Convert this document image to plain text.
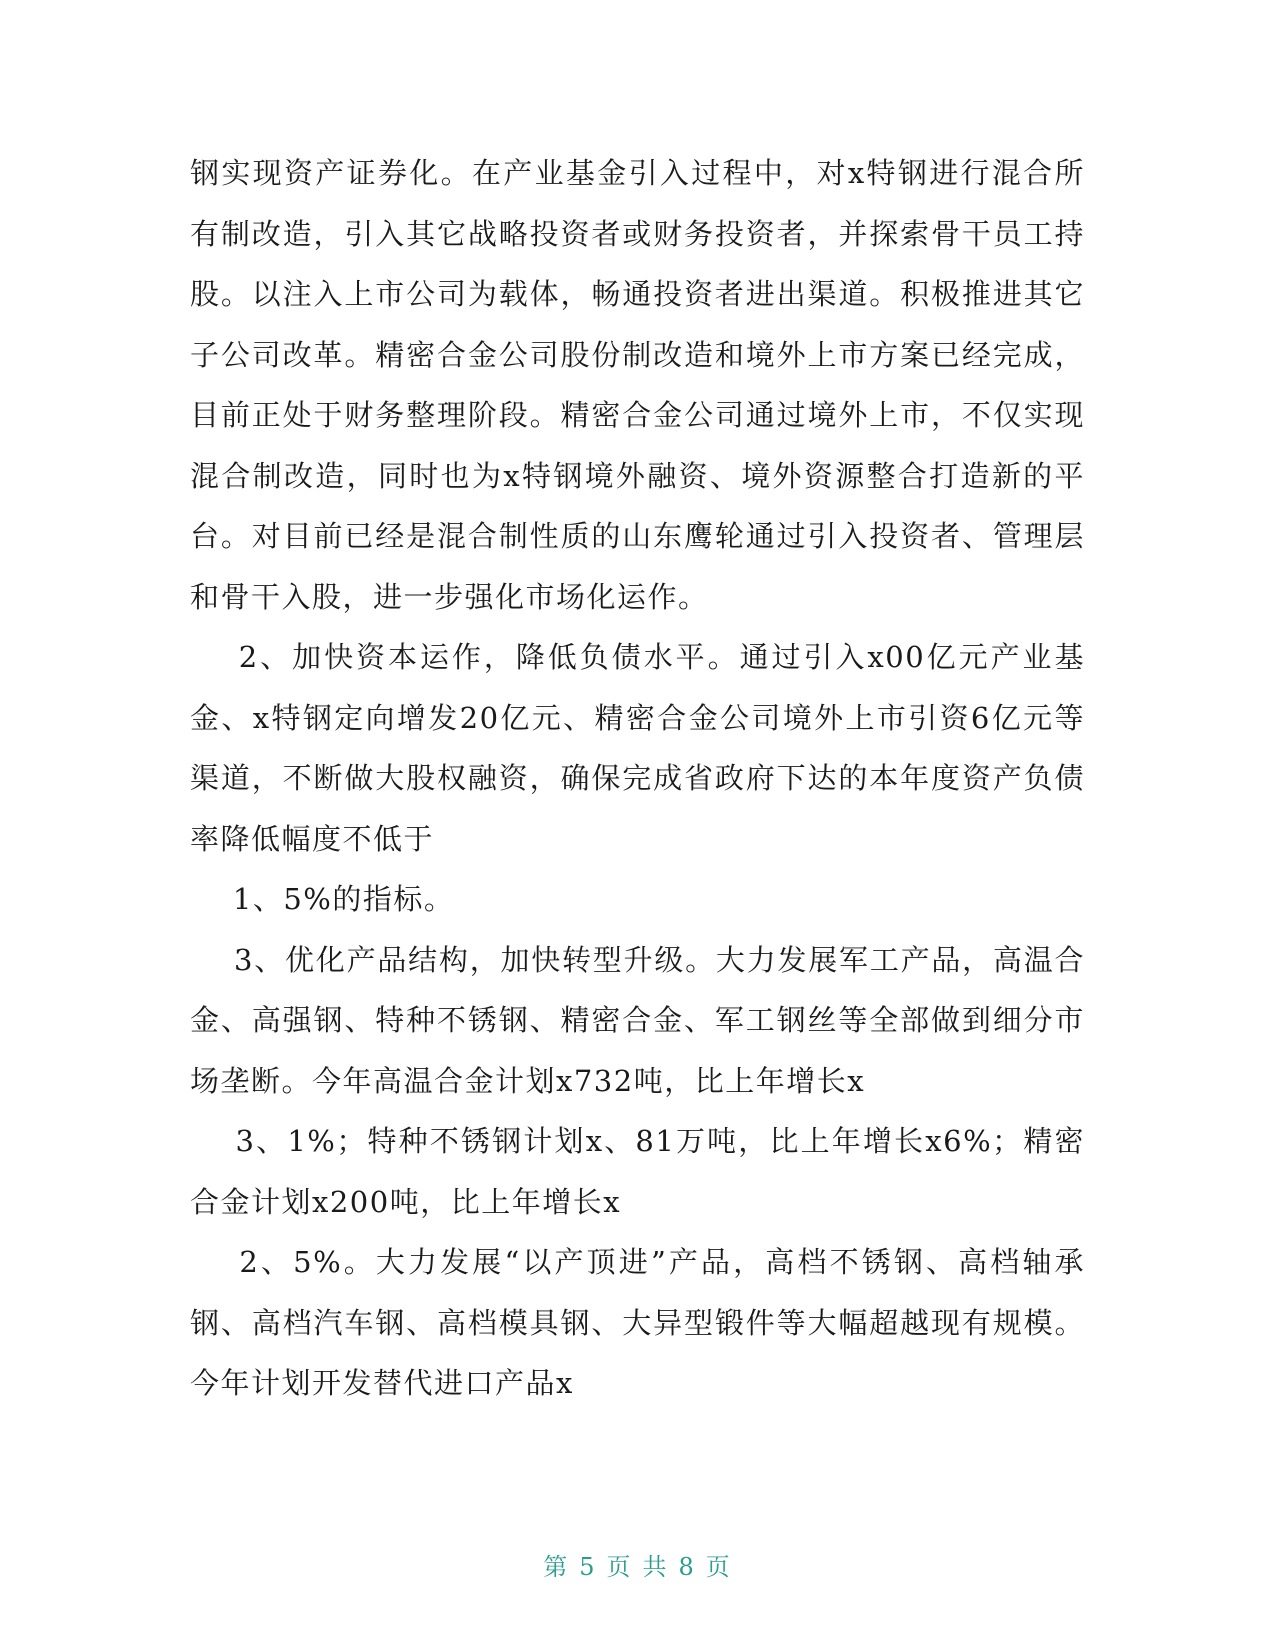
钢实现资产证券化。在产业基金引入过程中，对x特钢进行混合所有制改造，引入其它战略投资者或财务投资者，并探索骨干员工持股。以注入上市公司为载体，畅通投资者进出渠道。积极推进其它子公司改革。精密合金公司股份制改造和境外上市方案已经完成，目前正处于财务整理阶段。精密合金公司通过境外上市，不仅实现混合制改造，同时也为x特钢境外融资、境外资源整合打造新的平台。对目前已经是混合制性质的山东鹰轮通过引入投资者、管理层和骨干入股，进一步强化市场化运作。

2、加快资本运作，降低负债水平。通过引入x00亿元产业基金、x特钢定向增发20亿元、精密合金公司境外上市引资6亿元等渠道，不断做大股权融资，确保完成省政府下达的本年度资产负债率降低幅度不低于

1、5%的指标。

3、优化产品结构，加快转型升级。大力发展军工产品，高温合金、高强钢、特种不锈钢、精密合金、军工钢丝等全部做到细分市场垄断。今年高温合金计划x732吨，比上年增长x

3、1%；特种不锈钢计划x、81万吨，比上年增长x6%；精密合金计划x200吨，比上年增长x

2、5%。大力发展“以产顶进”产品，高档不锈钢、高档轴承钢、高档汽车钢、高档模具钢、大异型锻件等大幅超越现有规模。今年计划开发替代进口产品x

第 5 页 共 8 页
